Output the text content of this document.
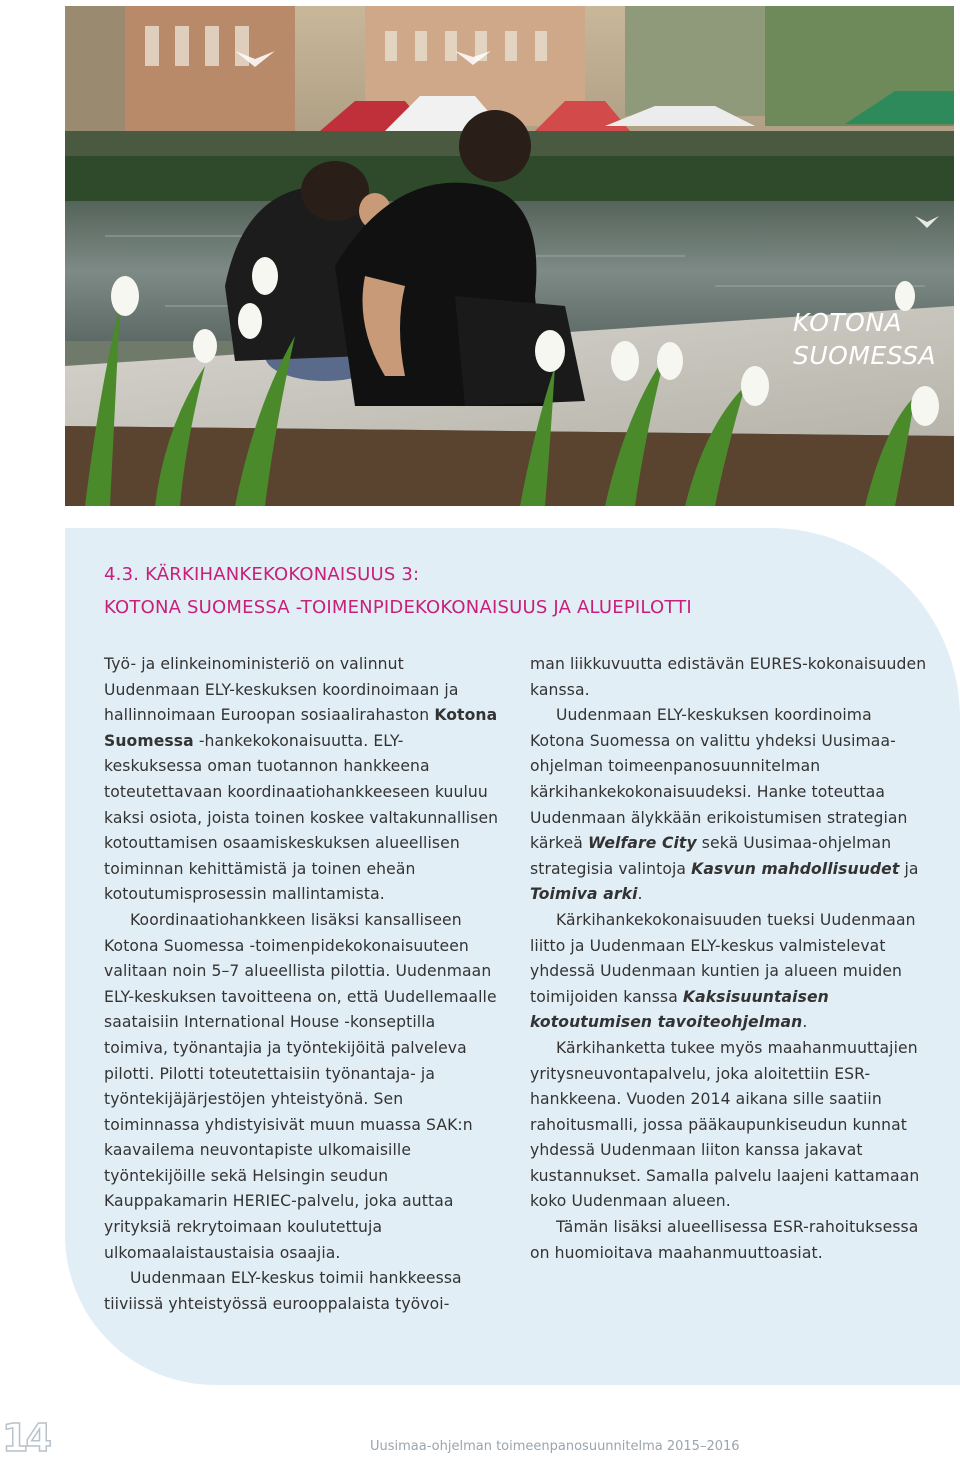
KOTONA
SUOMESSA
4.3. KÄRKIHANKEKOKONAISUUS 3:
KOTONA SUOMESSA -TOIMENPIDEKOKONAISUUS JA ALUEPILOTTI

Työ- ja elinkeinoministeriö on valinnut Uudenmaan ELY-keskuksen koordinoimaan ja hallinnoimaan Euroopan sosiaalirahaston Kotona Suomessa -hankekokonaisuutta. ELY-keskuksessa oman tuotannon hankkeena toteutettavaan koordinaatiohankkeeseen kuuluu kaksi osiota, joista toinen koskee valtakunnallisen kotouttamisen osaamiskeskuksen alueellisen toiminnan kehittämistä ja toinen eheän kotoutumisprosessin mallintamista.

Koordinaatiohankkeen lisäksi kansalliseen Kotona Suomessa -toimenpidekokonaisuuteen valitaan noin 5–7 alueellista pilottia. Uudenmaan ELY-keskuksen tavoitteena on, että Uudellemaalle saataisiin International House -konseptilla toimiva, työnantajia ja työntekijöitä palveleva pilotti. Pilotti toteutettaisiin työnantaja- ja työntekijäjärjestöjen yhteistyönä. Sen toiminnassa yhdistyisivät muun muassa SAK:n kaavailema neuvontapiste ulkomaisille työntekijöille sekä Helsingin seudun Kauppakamarin HERIEC-palvelu, joka auttaa yrityksiä rekrytoimaan koulutettuja ulkomaalaistaustaisia osaajia.

Uudenmaan ELY-keskus toimii hankkeessa tiiviissä yhteistyössä eurooppalaista työvoi-

man liikkuvuutta edistävän EURES-kokonaisuuden kanssa.

Uudenmaan ELY-keskuksen koordinoima Kotona Suomessa on valittu yhdeksi Uusimaa-ohjelman toimeenpanosuunnitelman kärkihankekokonaisuudeksi. Hanke toteuttaa Uudenmaan älykkään erikoistumisen strategian kärkeä Welfare City sekä Uusimaa-ohjelman strategisia valintoja Kasvun mahdollisuudet ja Toimiva arki.

Kärkihankekokonaisuuden tueksi Uudenmaan liitto ja Uudenmaan ELY-keskus valmistelevat yhdessä Uudenmaan kuntien ja alueen muiden toimijoiden kanssa Kaksisuuntaisen kotoutumisen tavoiteohjelman.

Kärkihanketta tukee myös maahanmuuttajien yritysneuvontapalvelu, joka aloitettiin ESR-hankkeena. Vuoden 2014 aikana sille saatiin rahoitusmalli, jossa pääkaupunkiseudun kunnat yhdessä Uudenmaan liiton kanssa jakavat kustannukset. Samalla palvelu laajeni kattamaan koko Uudenmaan alueen.

Tämän lisäksi alueellisessa ESR-rahoituksessa on huomioitava maahanmuuttoasiat.

14	Uusimaa-ohjelman toimeenpanosuunnitelma 2015–2016
